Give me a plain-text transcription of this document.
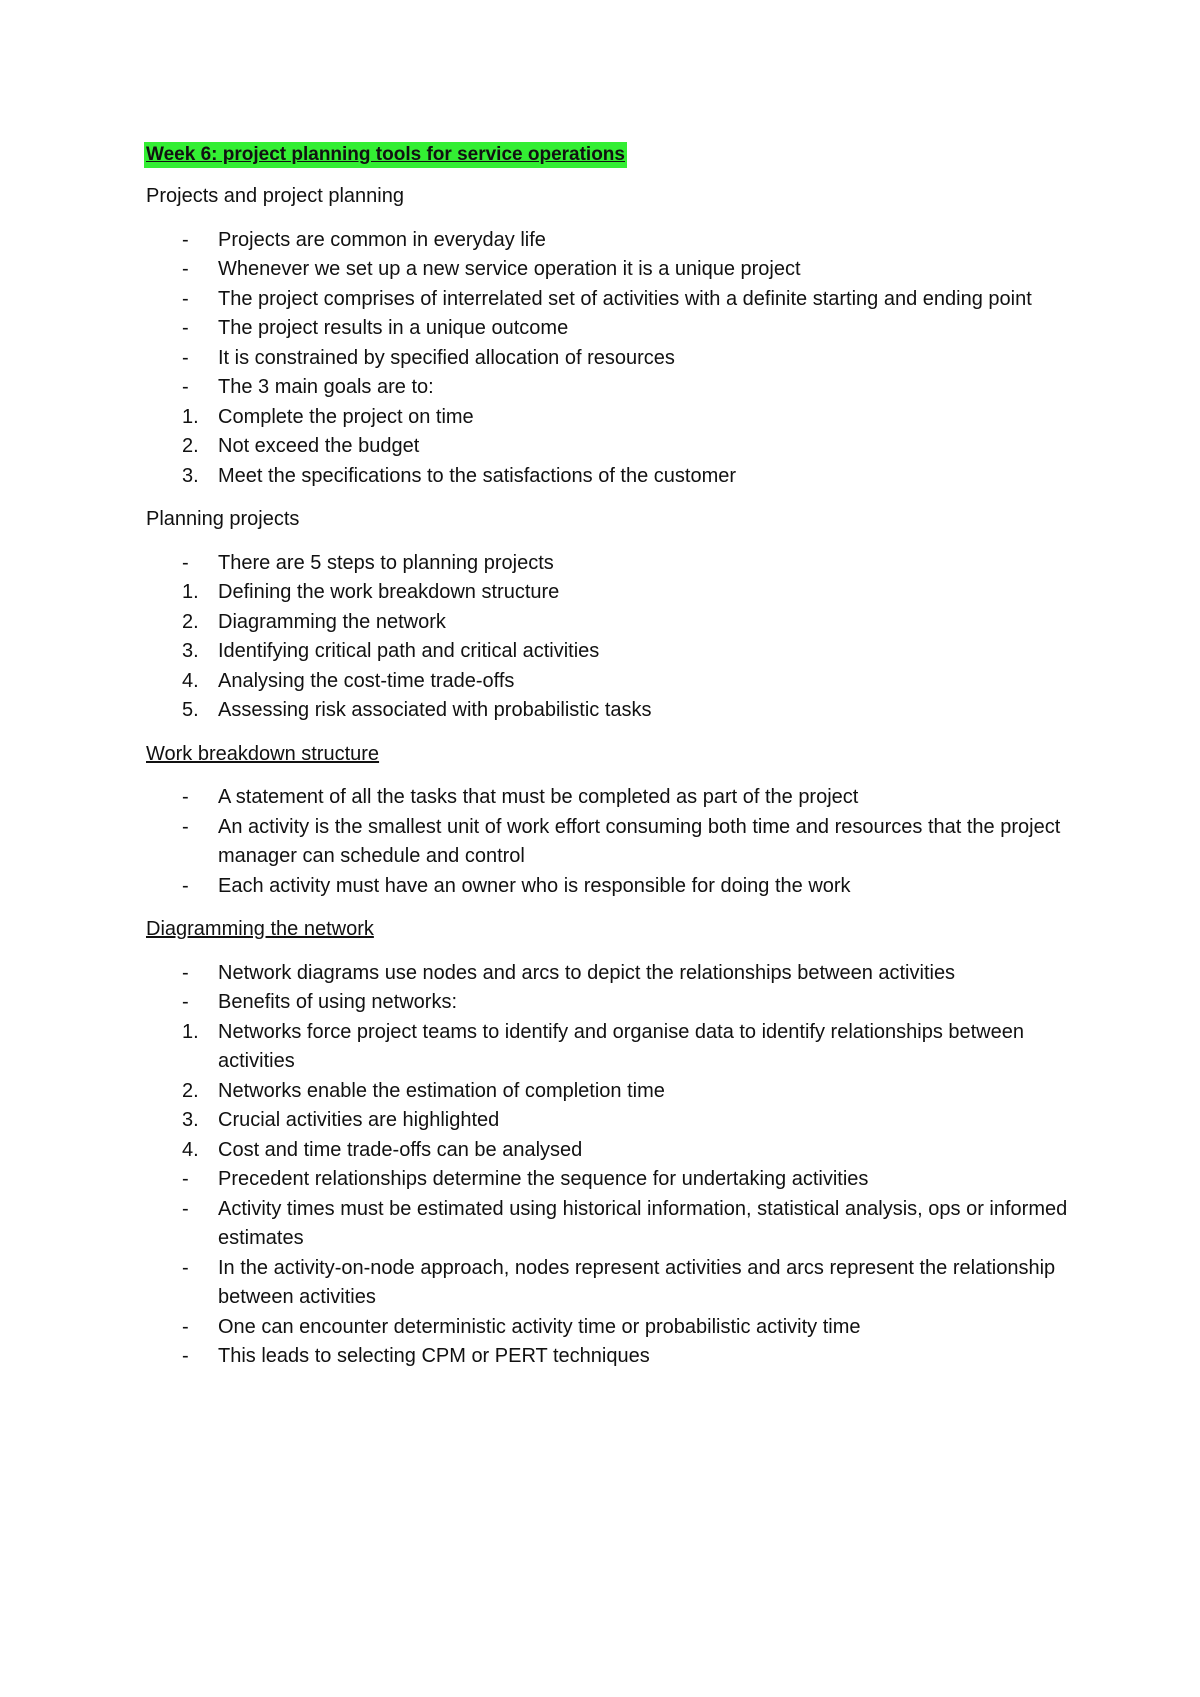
Week 6: project planning tools for service operations
Projects and project planning
-	Projects are common in everyday life
-	Whenever we set up a new service operation it is a unique project
-	The project comprises of interrelated set of activities with a definite starting and ending point
-	The project results in a unique outcome
-	It is constrained by specified allocation of resources
-	The 3 main goals are to:
1. Complete the project on time
2. Not exceed the budget
3. Meet the specifications to the satisfactions of the customer
Planning projects
-	There are 5 steps to planning projects
1. Defining the work breakdown structure
2. Diagramming the network
3. Identifying critical path and critical activities
4. Analysing the cost-time trade-offs
5. Assessing risk associated with probabilistic tasks
Work breakdown structure
-	A statement of all the tasks that must be completed as part of the project
-	An activity is the smallest unit of work effort consuming both time and resources that the project manager can schedule and control
-	Each activity must have an owner who is responsible for doing the work
Diagramming the network
-	Network diagrams use nodes and arcs to depict the relationships between activities
-	Benefits of using networks:
1. Networks force project teams to identify and organise data to identify relationships between activities
2. Networks enable the estimation of completion time
3. Crucial activities are highlighted
4. Cost and time trade-offs can be analysed
-	Precedent relationships determine the sequence for undertaking activities
-	Activity times must be estimated using historical information, statistical analysis, ops or informed estimates
-	In the activity-on-node approach, nodes represent activities and arcs represent the relationship between activities
-	One can encounter deterministic activity time or probabilistic activity time
-	This leads to selecting CPM or PERT techniques
